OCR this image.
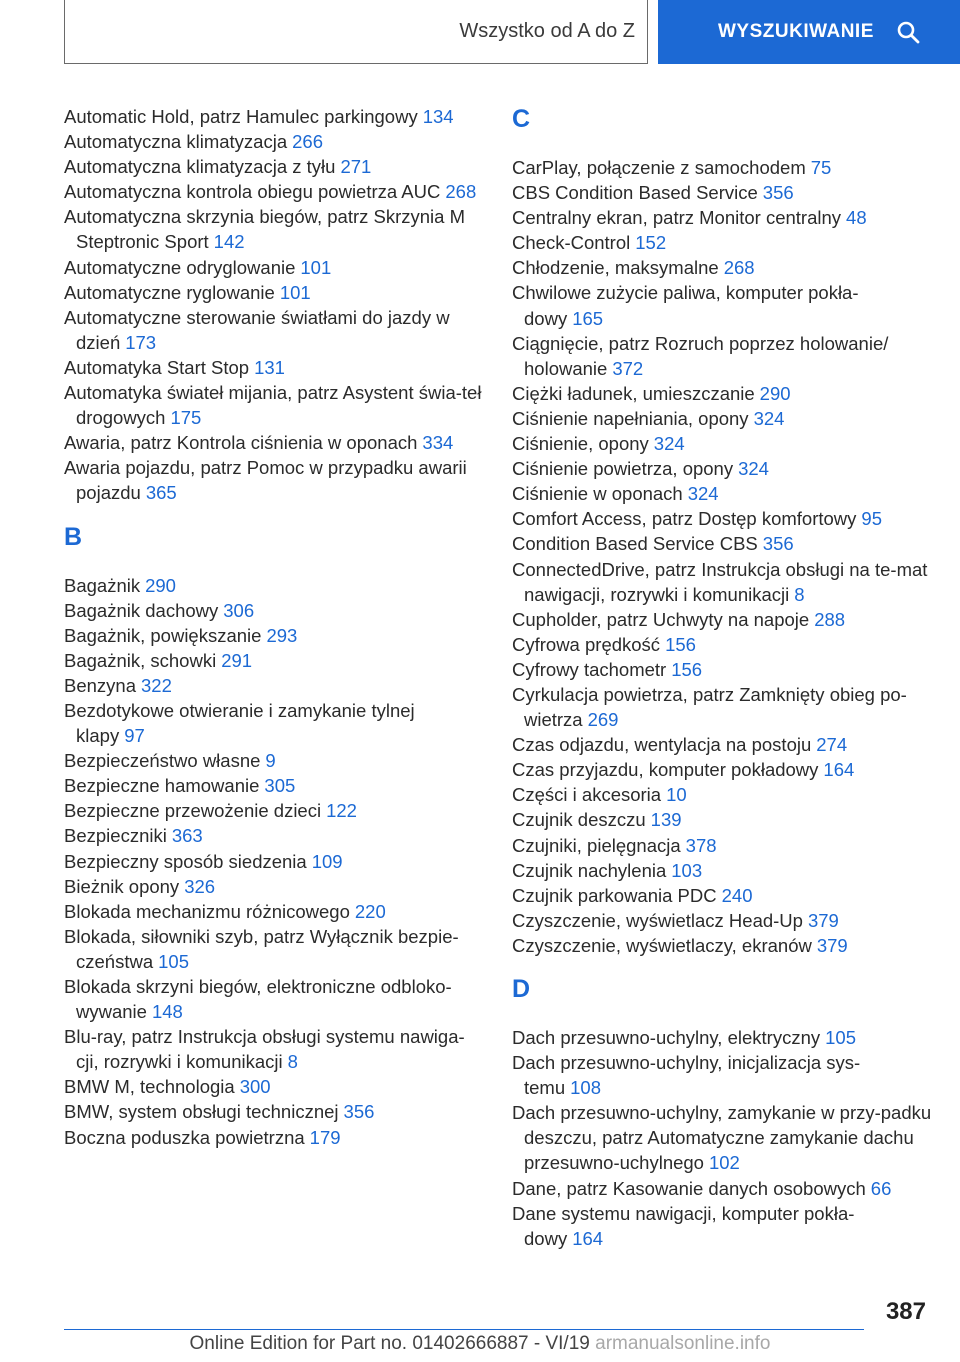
Wszystko od A do Z	WYSZUKIWANIE
Automatic Hold, patrz Hamulec parkingowy 134
Automatyczna klimatyzacja 266
Automatyczna klimatyzacja z tyłu 271
Automatyczna kontrola obiegu powietrza AUC 268
Automatyczna skrzynia biegów, patrz Skrzynia M Steptronic Sport 142
Automatyczne odryglowanie 101
Automatyczne ryglowanie 101
Automatyczne sterowanie światłami do jazdy w dzień 173
Automatyka Start Stop 131
Automatyka świateł mijania, patrz Asystent świa‐teł drogowych 175
Awaria, patrz Kontrola ciśnienia w oponach 334
Awaria pojazdu, patrz Pomoc w przypadku awarii pojazdu 365
B
Bagażnik 290
Bagażnik dachowy 306
Bagażnik, powiększanie 293
Bagażnik, schowki 291
Benzyna 322
Bezdotykowe otwieranie i zamykanie tylnej klapy 97
Bezpieczeństwo własne 9
Bezpieczne hamowanie 305
Bezpieczne przewożenie dzieci 122
Bezpieczniki 363
Bezpieczny sposób siedzenia 109
Bieżnik opony 326
Blokada mechanizmu różnicowego 220
Blokada, siłowniki szyb, patrz Wyłącznik bezpie‐czeństwa 105
Blokada skrzyni biegów, elektroniczne odbloko‐wywanie 148
Blu-ray, patrz Instrukcja obsługi systemu nawiga‐cji, rozrywki i komunikacji 8
BMW M, technologia 300
BMW, system obsługi technicznej 356
Boczna poduszka powietrzna 179
C
CarPlay, połączenie z samochodem 75
CBS Condition Based Service 356
Centralny ekran, patrz Monitor centralny 48
Check-Control 152
Chłodzenie, maksymalne 268
Chwilowe zużycie paliwa, komputer pokła‐dowy 165
Ciągnięcie, patrz Rozruch poprzez holowanie/ holowanie 372
Ciężki ładunek, umieszczanie 290
Ciśnienie napełniania, opony 324
Ciśnienie, opony 324
Ciśnienie powietrza, opony 324
Ciśnienie w oponach 324
Comfort Access, patrz Dostęp komfortowy 95
Condition Based Service CBS 356
ConnectedDrive, patrz Instrukcja obsługi na te‐mat nawigacji, rozrywki i komunikacji 8
Cupholder, patrz Uchwyty na napoje 288
Cyfrowa prędkość 156
Cyfrowy tachometr 156
Cyrkulacja powietrza, patrz Zamknięty obieg po‐wietrza 269
Czas odjazdu, wentylacja na postoju 274
Czas przyjazdu, komputer pokładowy 164
Części i akcesoria 10
Czujnik deszczu 139
Czujniki, pielęgnacja 378
Czujnik nachylenia 103
Czujnik parkowania PDC 240
Czyszczenie, wyświetlacz Head-Up 379
Czyszczenie, wyświetlaczy, ekranów 379
D
Dach przesuwno-uchylny, elektryczny 105
Dach przesuwno-uchylny, inicjalizacja sys‐temu 108
Dach przesuwno-uchylny, zamykanie w przy‐padku deszczu, patrz Automatyczne zamykanie dachu przesuwno-uchylnego 102
Dane, patrz Kasowanie danych osobowych 66
Dane systemu nawigacji, komputer pokła‐dowy 164
387
Online Edition for Part no. 01402666887 - VI/19 armanualsonline.info
